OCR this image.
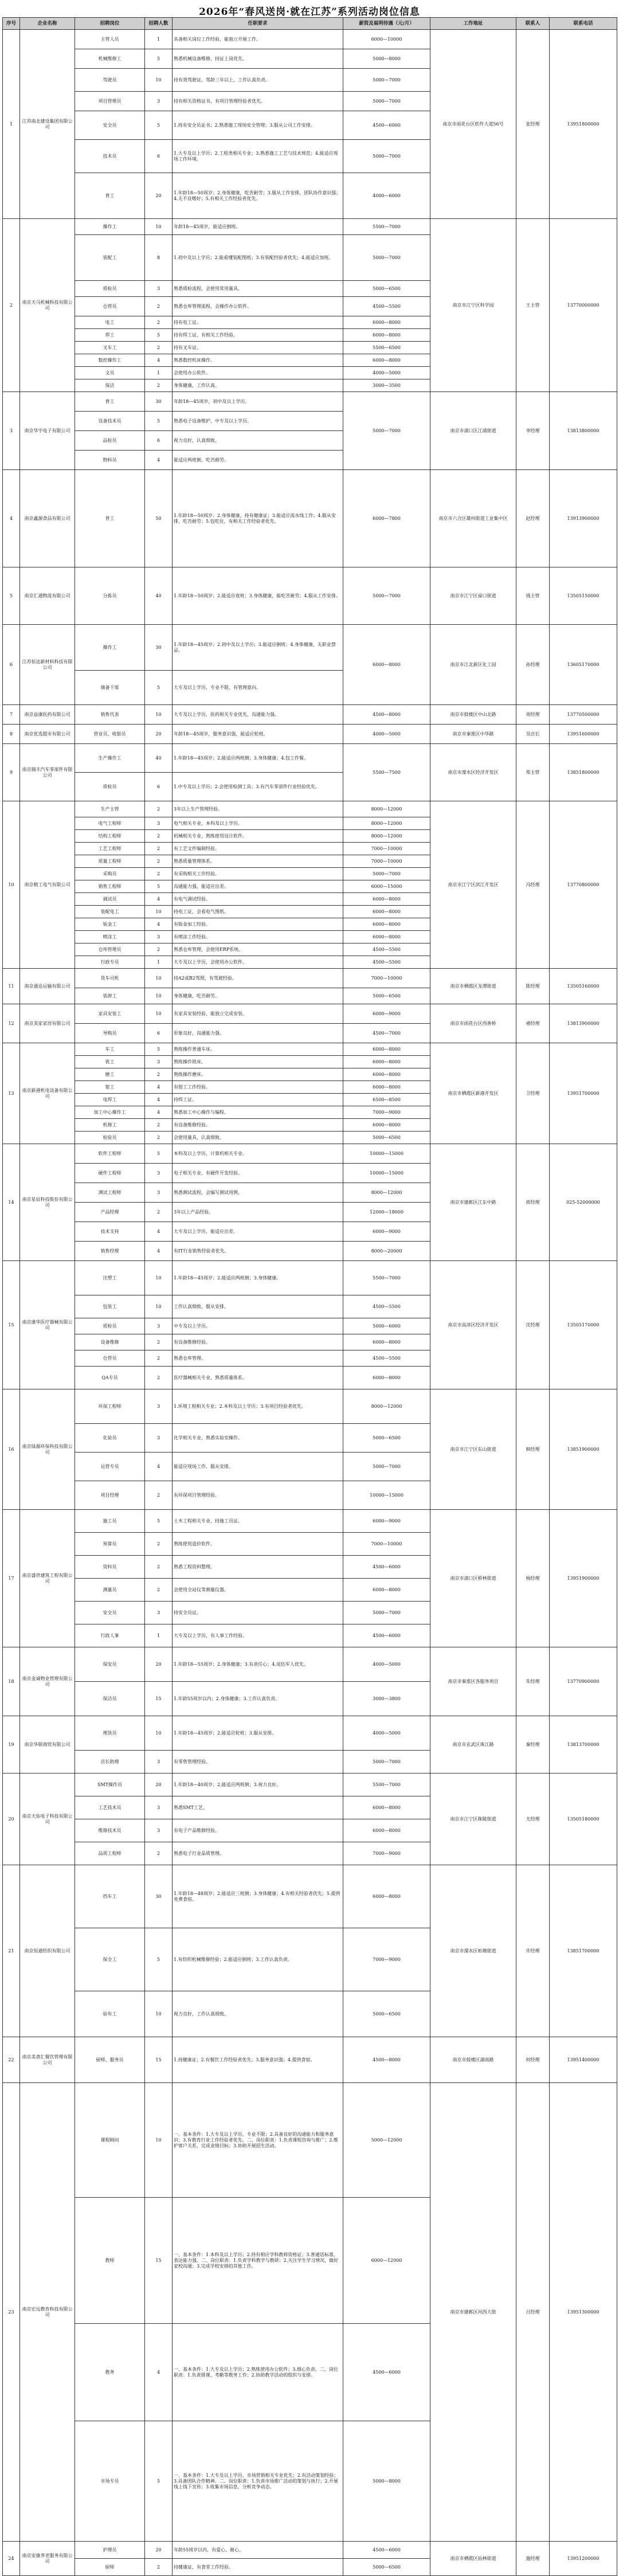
2026年“春风送岗·就在江苏”系列活动岗位信息
序号	企业名称	招聘岗位	招聘人数	任职要求	薪资及福利待遇（元/月）	工作地址	联系人	联系电话
1	江苏南北建设集团有限公司	主管人员	1	具备相关岗位工作经验，能独立开展工作。	6000—10000	南京市雨花台区软件大道56号	张经理	13951800000
		机械维修工	5	熟悉机械设备维修，持证上岗优先。	5000—8000			
		驾驶员	10	持有效驾驶证，驾龄三年以上，工作认真负责。	5000—7000			
		项目管理员	3	持有相关资格证书，有项目管理经验者优先。	5000—7000			
		安全员	5	1.持有安全员证书；2.熟悉施工现场安全管理；3.服从公司工作安排。	4500—6000			
		技术员	6	1.大专及以上学历；2.工程类相关专业；3.熟悉施工工艺与技术规范；4.能适应现场工作环境。	5000—7000			
		普工	20	1.年龄18—50周岁；2.身体健康，吃苦耐劳；3.服从工作安排，团队协作意识强；4.无不良嗜好；5.有相关工作经验者优先。	4000—6000			
2	南京天马机械科技有限公司	操作工	10	年龄18—45周岁，能适应倒班。	5500—7000	南京市江宁区科学园	王主管	13770000000
		装配工	8	1.初中及以上学历；2.能看懂装配图纸；3.有装配经验者优先；4.能适应加班。	5000—7000			
		质检员	3	熟悉质检流程，会使用常用量具。	5000—6500			
		仓管员	2	熟悉仓库管理流程，会操作办公软件。	4500—5500			
		电工	2	持有电工证。	6000—8000			
		焊工	5	持有焊工证，有相关工作经验。	6000—8000			
		叉车工	2	持有叉车证。	5500—6500			
		数控操作工	4	熟悉数控机床操作。	6000—8000			
		文员	1	会使用办公软件。	4000—5000			
		保洁	2	身体健康，工作认真。	3000—3500			
3	南京华宇电子有限公司	普工	30	年龄18—45周岁，初中及以上学历。	5000—7000	南京市浦口区江浦街道	李经理	13813800000
		设备技术员	5	熟悉电子设备维护，中专及以上学历。				
		品检员	6	视力良好，认真细致。				
		物料员	4	能适应两班倒，吃苦耐劳。				
4	南京鑫源食品有限公司	普工	50	1.年龄18—50周岁；2.身体健康，持有健康证；3.能适应流水线工作；4.服从安排，吃苦耐劳；5.包吃住，有相关工作经验者优先。	6000—7800	南京市六合区雄州街道工业集中区	赵经理	13913900000
5	南京汇通物流有限公司	分拣员	40	1.年龄18—50周岁；2.能适应夜班；3.身体健康，能吃苦耐劳；4.服从工作安排。	5000—7000	南京市江宁区禄口街道	钱主管	13505150000
6	江苏恒达新材料科技有限公司	操作工	30	1.年龄18—45周岁；2.初中及以上学历；3.能适应倒班；4.身体健康，无职业禁忌。	6000—8000	南京市江北新区化工园	孙经理	13605170000
		储备干部	5	大专及以上学历，专业不限，有管理意向。				
7	南京益康医药有限公司	销售代表	10	大专及以上学历，医药相关专业优先，沟通能力强。	4500—8000	南京市鼓楼区中山北路	周经理	13770500000
8	南京优选超市有限公司	营业员、收银员	20	年龄18—45周岁，服务意识强，能适应轮班。	4000—5000	南京市秦淮区中华路	吴店长	13951600000
9	南京瑞丰汽车零部件有限公司	生产操作工	40	1.年龄18—45周岁；2.能适应两班倒；3.身体健康；4.包工作餐。	5500—7500	南京市溧水区经济开发区	郑主管	13851800000
		质检员	6	1.中专及以上学历；2.会使用检测工具；3.有汽车零部件行业经验优先。				
10	南京精工电气有限公司	生产主管	2	3年以上生产管理经验。	8000—12000	南京市江宁区滨江开发区	冯经理	13770800000
		电气工程师	3	电气相关专业，本科及以上学历。	8000—12000			
		结构工程师	2	机械相关专业，熟练使用设计软件。	8000—12000			
		工艺工程师	2	有工艺文件编制经验。	7000—10000			
		质量工程师	2	熟悉质量管理体系。	7000—10000			
		采购员	2	有采购相关工作经验。	5000—7000			
		销售工程师	5	沟通能力强，能适应出差。	6000—15000			
		调试员	4	有电气调试经验。	6000—8000			
		装配电工	10	持电工证，会看电气图纸。	6000—8000			
		钣金工	4	有钣金加工经验。	6000—8000			
		喷涂工	3	有喷涂工作经验。	6000—8000			
		仓库管理员	2	熟悉仓库管理，会使用ERP系统。	4500—5500			
		行政专员	1	大专及以上学历，会使用办公软件。	4500—5500			
11	南京通达运输有限公司	货车司机	10	持A2或B2驾照，有驾驶经验。	7000—10000	南京市栖霞区龙潭街道	陈经理	13505160000
		装卸工	10	身体健康，吃苦耐劳。	5000—6500			
12	南京美家家居有限公司	家具安装工	10	有家具安装经验，能独立完成安装。	6000—9000	南京市雨花台区西善桥	褚经理	13813900000
		导购员	6	形象良好，沟通能力强。	4500—7000			
13	南京新港机电设备有限公司	车工	5	熟练操作普通车床。	6000—8000	南京市栖霞区新港开发区	卫经理	13951700000
		铣工	3	熟练操作铣床。	6000—8000			
		磨工	2	熟练操作磨床。	6000—8000			
		钳工	4	有钳工工作经验。	6000—8000			
		电焊工	4	持焊工证。	6500—8500			
		加工中心操作工	4	熟悉加工中心操作与编程。	7000—9000			
		机修工	2	有设备维修经验。	6000—8000			
		检验员	2	会使用量具，认真细致。	5000—6500			
14	南京星辰科技股份有限公司	软件工程师	5	本科及以上学历，计算机相关专业。	10000—15000	南京市建邺区江东中路	蒋经理	025-52000000
		硬件工程师	3	电子相关专业，有硬件开发经验。	10000—15000			
		测试工程师	3	熟悉测试流程，会编写测试用例。	8000—12000			
		产品经理	2	3年以上产品经验。	12000—18000			
		技术支持	4	大专及以上学历，能适应出差。	6000—9000			
		销售经理	4	有IT行业销售经验者优先。	8000—20000			
15	南京康华医疗器械有限公司	注塑工	10	1.年龄18—45周岁；2.能适应两班倒；3.身体健康。	5500—7000	南京市高淳区经济开发区	沈经理	13505170000
		包装工	10	工作认真细致，服从安排。	4500—5500			
		质检员	3	中专及以上学历。	5000—6000			
		设备维修	2	有设备维修经验。	6000—8000			
		仓管员	2	熟悉仓库管理。	4500—5500			
		QA专员	2	医疗器械相关专业，熟悉质量体系。	6000—8000			
16	南京绿源环保科技有限公司	环保工程师	3	1.环境工程相关专业；2.本科及以上学历；3.有项目经验者优先。	8000—12000	南京市江宁区东山街道	韩经理	13851900000
		化验员	3	化学相关专业，熟悉实验室操作。	5000—6500			
		运营专员	4	能适应现场工作，服从安排。	5000—7000			
		项目经理	2	有环保项目管理经验。	10000—15000			
17	南京盛世建筑工程有限公司	施工员	5	土木工程相关专业，持施工员证。	6000—9000	南京市浦口区桥林街道	杨经理	13951900000
		预算员	2	熟练使用造价软件。	7000—10000			
		资料员	2	熟悉工程资料整理。	4500—6000			
		测量员	2	会使用全站仪等测量仪器。	6000—8000			
		安全员	3	持安全员证。	5000—7000			
		行政人事	1	大专及以上学历，有人事工作经验。	4500—6000			
18	南京金诚物业管理有限公司	保安员	20	1.年龄18—55周岁；2.身体健康；3.有责任心；4.退伍军人优先。	4000—5000	南京市秦淮区各服务项目	朱经理	13770900000
		保洁员	15	1.年龄55周岁以内；2.身体健康；3.工作认真负责。	3000—3800			
19	南京华联商贸有限公司	理货员	10	1.年龄18—45周岁；2.能适应轮班；3.服从安排。	4000—5000	南京市玄武区珠江路	秦经理	13813700000
		店长助理	3	有零售管理经验。	5000—7000			
20	南京天佑电子科技有限公司	SMT操作员	20	1.年龄18—40周岁；2.能适应两班倒；3.视力良好。	5500—7000	南京市江宁区秣陵街道	尤经理	13505180000
		工艺技术员	3	熟悉SMT工艺。	6000—8000			
		维修技术员	3	有电子产品维修经验。	6000—8000			
		品质工程师	2	熟悉电子行业品质管理。	7000—9000			
21	南京恒通纺织有限公司	挡车工	30	1.年龄18—48周岁；2.能适应三班倒；3.身体健康；4.有相关经验者优先；5.提供免费食宿。	6000—8000	南京市溧水区柘塘街道	许经理	13851700000
		保全工	5	1.有纺织机械维修经验；2.能适应倒班；3.工作认真负责。	7000—9000			
		验布工	10	视力良好，工作认真细致。	5000—6500			
22	南京美食汇餐饮管理有限公司	厨师、服务员	15	1.持健康证；2.有餐饮工作经验者优先；3.服务意识强；4.提供食宿。	4500—8000	南京市鼓楼区湖南路	何经理	13951400000
23	南京宏远教育科技有限公司	课程顾问	10	一、基本条件：1.大专及以上学历，专业不限；2.具备良好的沟通能力和服务意识；3.有教育行业工作经验者优先。二、岗位职责：1.负责课程咨询与推广；2.维护客户关系，完成业绩目标；3.协助开展招生活动。	5000—12000	南京市建邺区河西大街	吕经理	13951300000
		教师	15	一、基本条件：1.本科及以上学历；2.持有相应学科教师资格证；3.普通话标准，表达能力强。二、岗位职责：1.负责学科教学与教研；2.关注学生学习情况，做好家校沟通；3.完成学校安排的其他工作。	6000—12000			
		教务	4	一、基本条件：1.大专及以上学历；2.熟练使用办公软件；3.细心负责。二、岗位职责：1.负责排课、考勤等教务工作；2.协助教学活动的组织与安排。	4500—6000			
		市场专员	5	一、基本条件：1.大专及以上学历，市场营销相关专业优先；2.有活动策划经验；3.具备团队合作精神。二、岗位职责：1.负责市场推广活动的策划与执行；2.开展线上线下宣传；3.收集市场信息，分析竞争动态。	5000—8000			
24	南京安康养老服务有限公司	护理员	20	年龄55周岁以内，有爱心、耐心。	4500—6000	南京市栖霞区仙林街道	施经理	13951200000
		厨师	2	持健康证，有食堂工作经验。	5000—6500			
